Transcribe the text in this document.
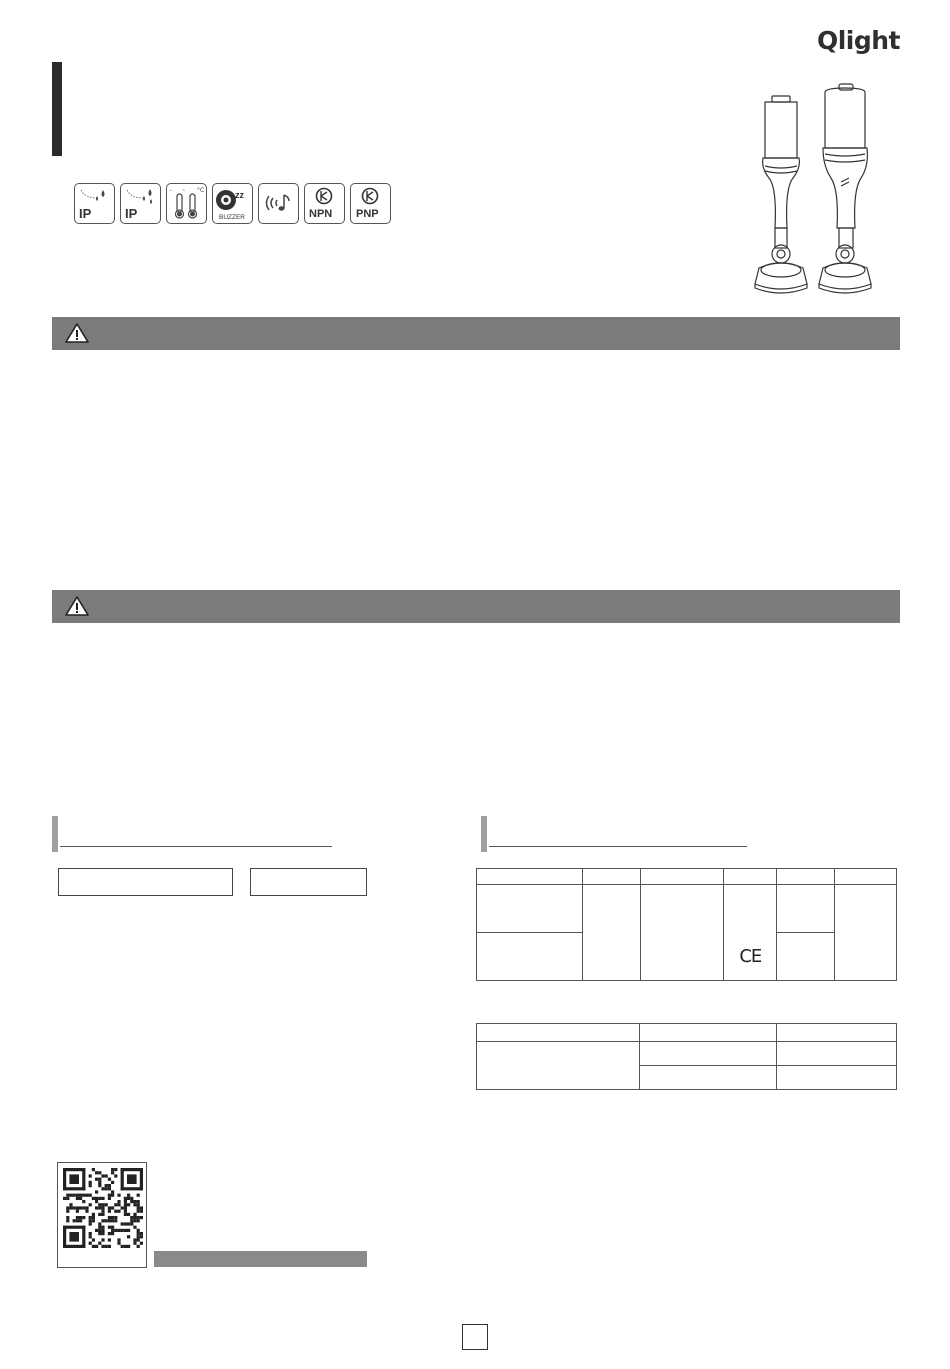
Qlight
IP	IP
- ~ °C	zz
BUZZER	NPN PNP

			CE		
